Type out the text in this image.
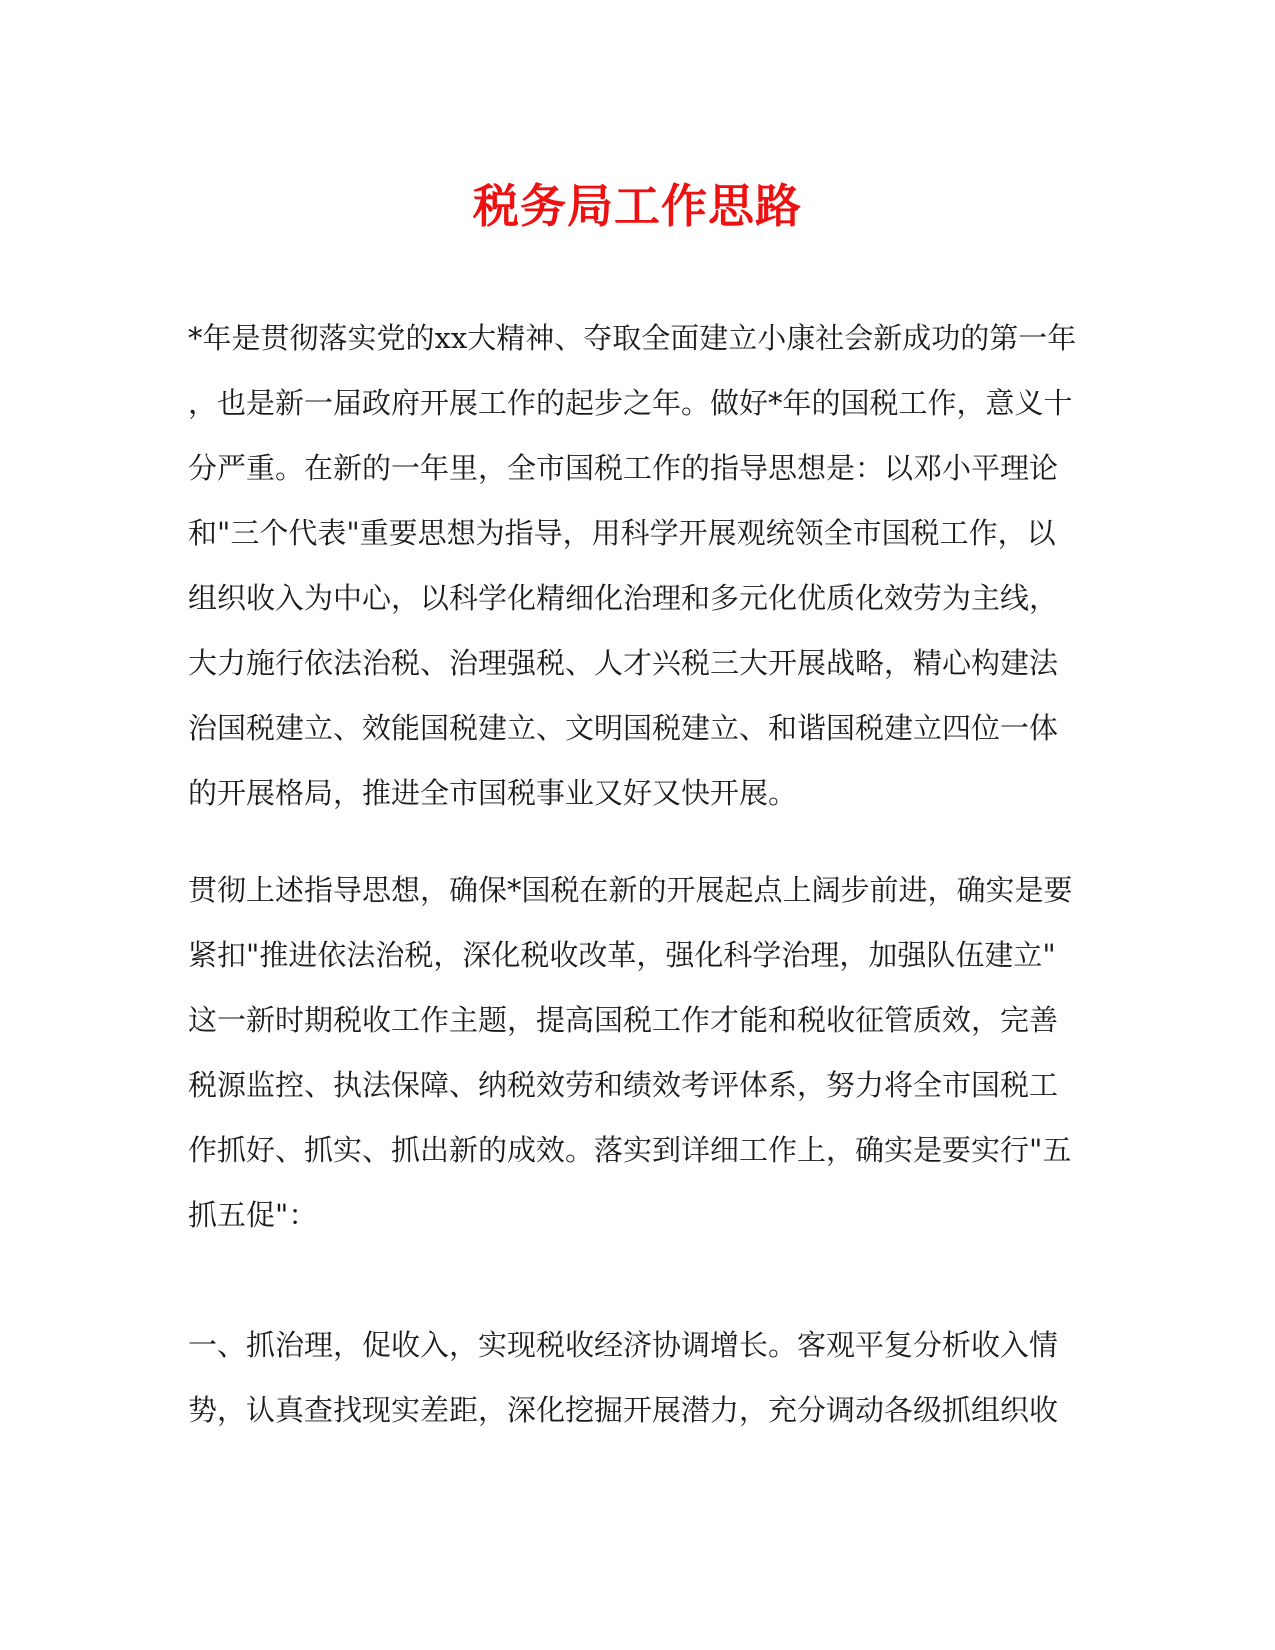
税务局工作思路
*年是贯彻落实党的xx大精神、夺取全面建立小康社会新成功的第一年
，也是新一届政府开展工作的起步之年。做好*年的国税工作，意义十
分严重。在新的一年里，全市国税工作的指导思想是：以邓小平理论
和"三个代表"重要思想为指导，用科学开展观统领全市国税工作，以
组织收入为中心，以科学化精细化治理和多元化优质化效劳为主线，
大力施行依法治税、治理强税、人才兴税三大开展战略，精心构建法
治国税建立、效能国税建立、文明国税建立、和谐国税建立四位一体
的开展格局，推进全市国税事业又好又快开展。
贯彻上述指导思想，确保*国税在新的开展起点上阔步前进，确实是要
紧扣"推进依法治税，深化税收改革，强化科学治理，加强队伍建立"
这一新时期税收工作主题，提高国税工作才能和税收征管质效，完善
税源监控、执法保障、纳税效劳和绩效考评体系，努力将全市国税工
作抓好、抓实、抓出新的成效。落实到详细工作上，确实是要实行"五
抓五促"：
一、抓治理，促收入，实现税收经济协调增长。客观平复分析收入情
势，认真查找现实差距，深化挖掘开展潜力，充分调动各级抓组织收
